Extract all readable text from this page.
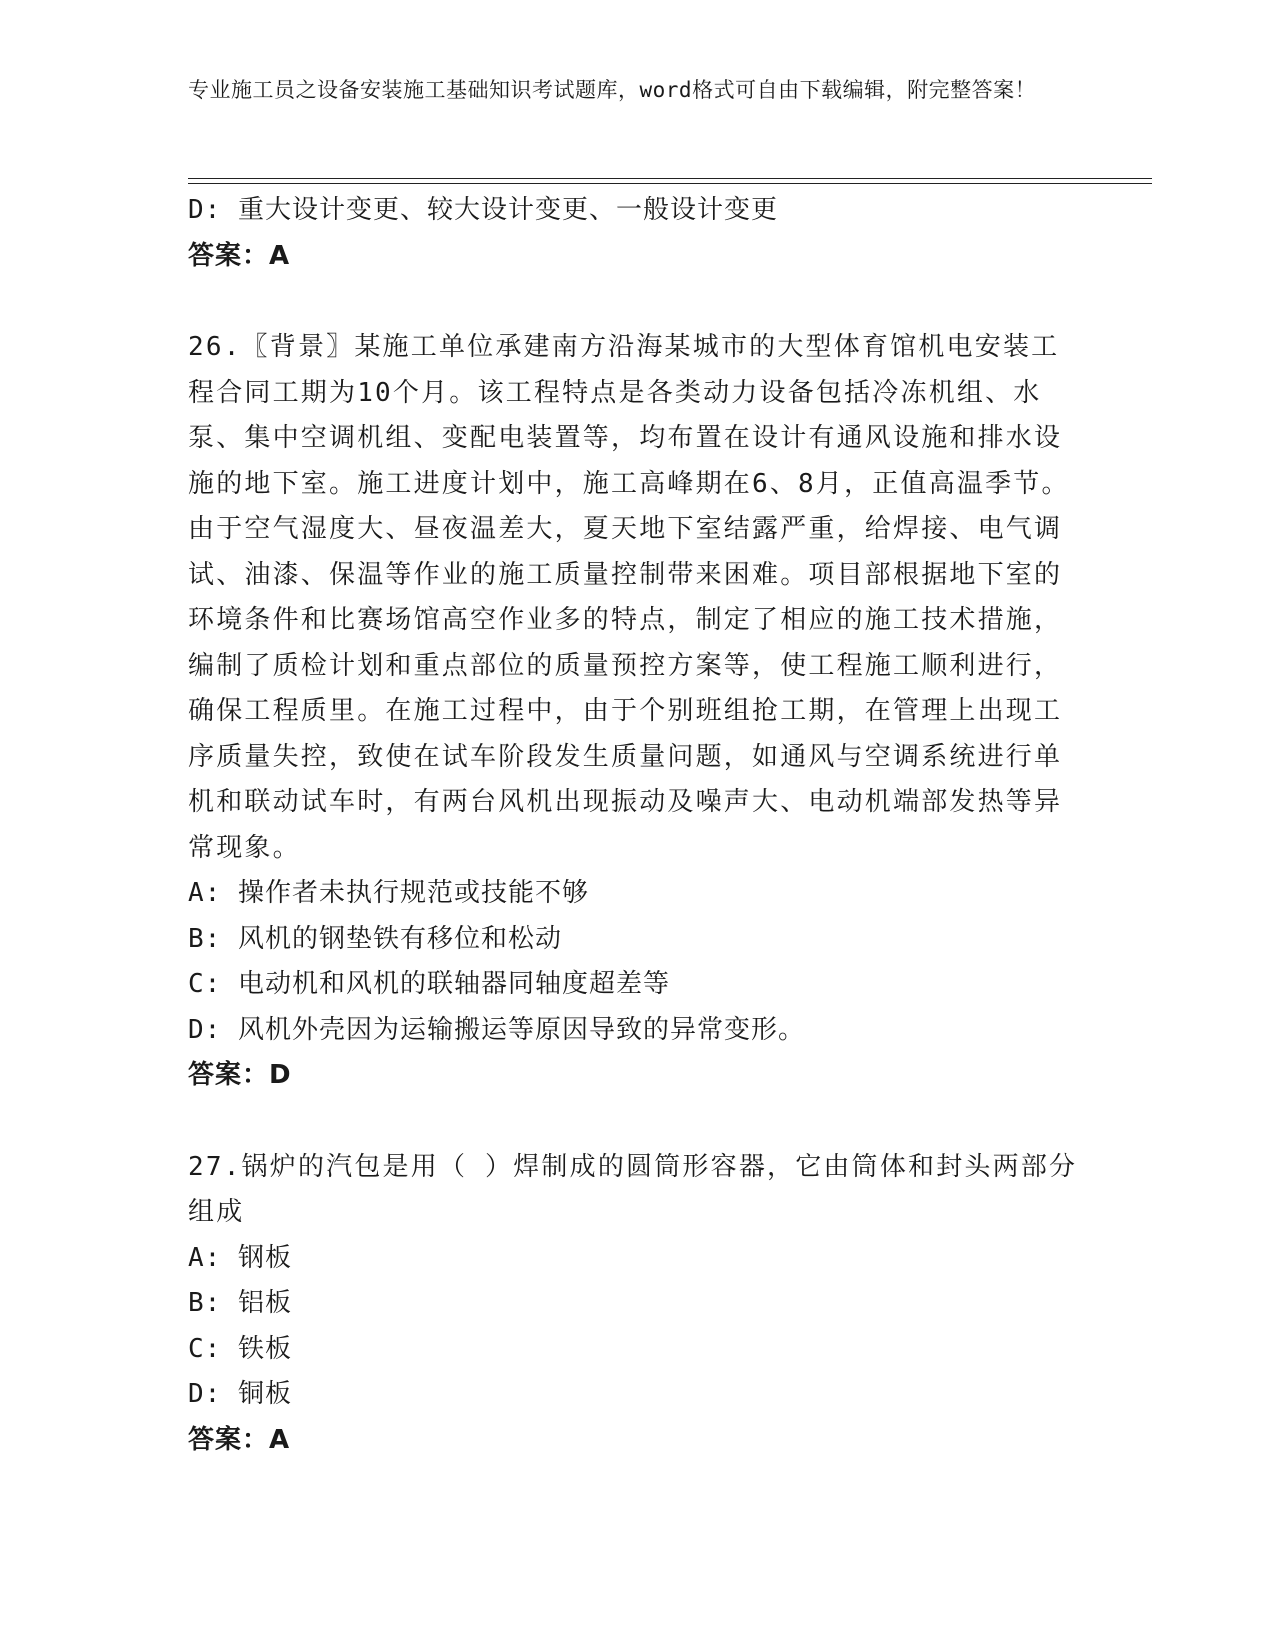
专业施工员之设备安装施工基础知识考试题库，word格式可自由下载编辑，附完整答案！
D: 重大设计变更、较大设计变更、一般设计变更
答案：A

26.〖背景〗某施工单位承建南方沿海某城市的大型体育馆机电安装工程合同工期为10个月。该工程特点是各类动力设备包括冷冻机组、水泵、集中空调机组、变配电装置等，均布置在设计有通风设施和排水设施的地下室。施工进度计划中，施工高峰期在6、8月，正值高温季节。由于空气湿度大、昼夜温差大，夏天地下室结露严重，给焊接、电气调试、油漆、保温等作业的施工质量控制带来困难。项目部根据地下室的环境条件和比赛场馆高空作业多的特点，制定了相应的施工技术措施，编制了质检计划和重点部位的质量预控方案等，使工程施工顺利进行，确保工程质里。在施工过程中，由于个别班组抢工期，在管理上出现工序质量失控，致使在试车阶段发生质量问题，如通风与空调系统进行单机和联动试车时，有两台风机出现振动及噪声大、电动机端部发热等异常现象。

A: 操作者未执行规范或技能不够
B: 风机的钢垫铁有移位和松动
C: 电动机和风机的联轴器同轴度超差等
D: 风机外壳因为运输搬运等原因导致的异常变形。
答案：D

27.锅炉的汽包是用（ ）焊制成的圆筒形容器，它由筒体和封头两部分组成

A: 钢板
B: 铝板
C: 铁板
D: 铜板
答案：A
